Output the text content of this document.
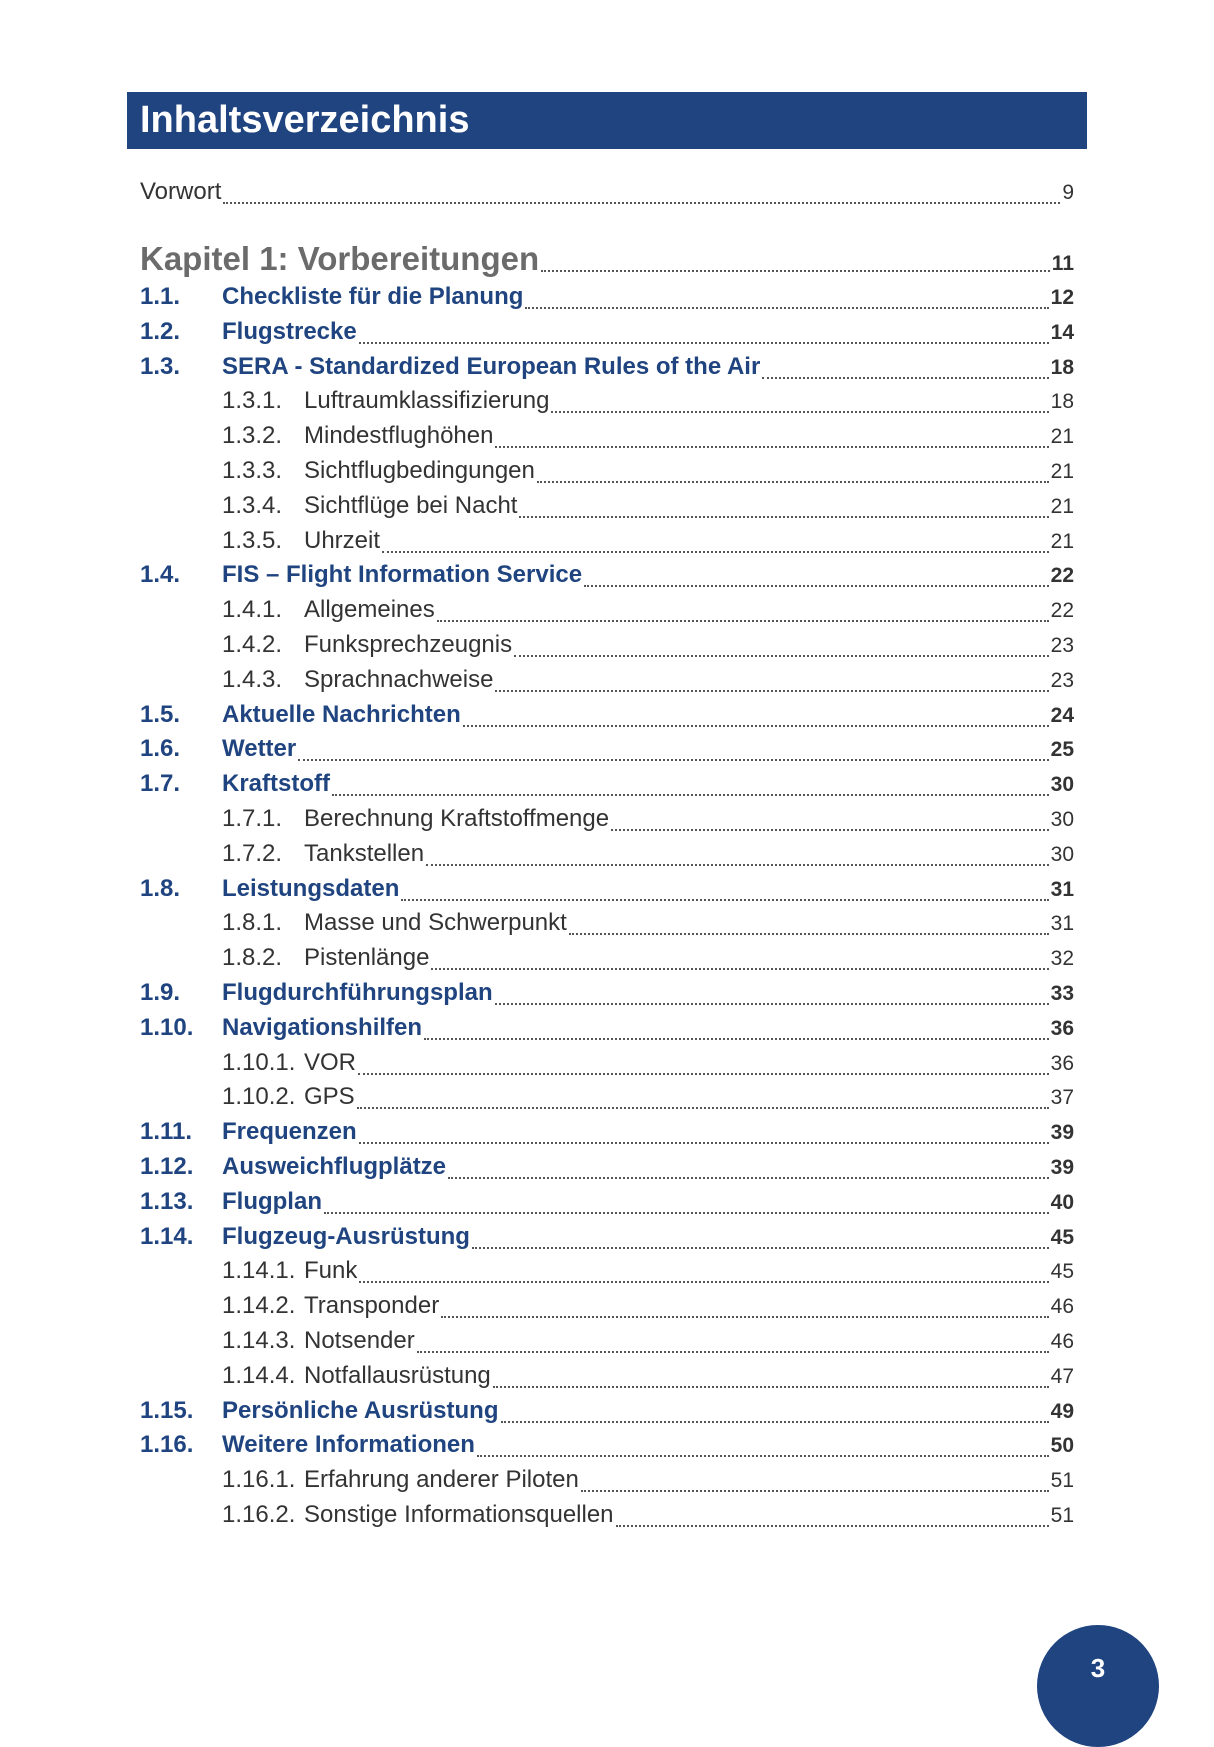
Inhaltsverzeichnis
Vorwort	9
Kapitel 1: Vorbereitungen	11
1.1.	Checkliste für die Planung	12
1.2.	Flugstrecke	14
1.3.	SERA - Standardized European Rules of the Air	18
1.3.1. Luftraumklassifizierung	18
1.3.2. Mindestflughöhen	21
1.3.3. Sichtflugbedingungen	21
1.3.4. Sichtflüge bei Nacht	21
1.3.5. Uhrzeit	21
1.4.	FIS – Flight Information Service	22
1.4.1. Allgemeines	22
1.4.2. Funksprechzeugnis	23
1.4.3. Sprachnachweise	23
1.5.	Aktuelle Nachrichten	24
1.6.	Wetter	25
1.7.	Kraftstoff	30
1.7.1. Berechnung Kraftstoffmenge	30
1.7.2. Tankstellen	30
1.8.	Leistungsdaten	31
1.8.1. Masse und Schwerpunkt	31
1.8.2. Pistenlänge	32
1.9.	Flugdurchführungsplan	33
1.10.	Navigationshilfen	36
1.10.1. VOR	36
1.10.2. GPS	37
1.11.	Frequenzen	39
1.12.	Ausweichflugplätze	39
1.13.	Flugplan	40
1.14.	Flugzeug-Ausrüstung	45
1.14.1. Funk	45
1.14.2. Transponder	46
1.14.3. Notsender	46
1.14.4. Notfallausrüstung	47
1.15.	Persönliche Ausrüstung	49
1.16.	Weitere Informationen	50
1.16.1. Erfahrung anderer Piloten	51
1.16.2. Sonstige Informationsquellen	51
3
